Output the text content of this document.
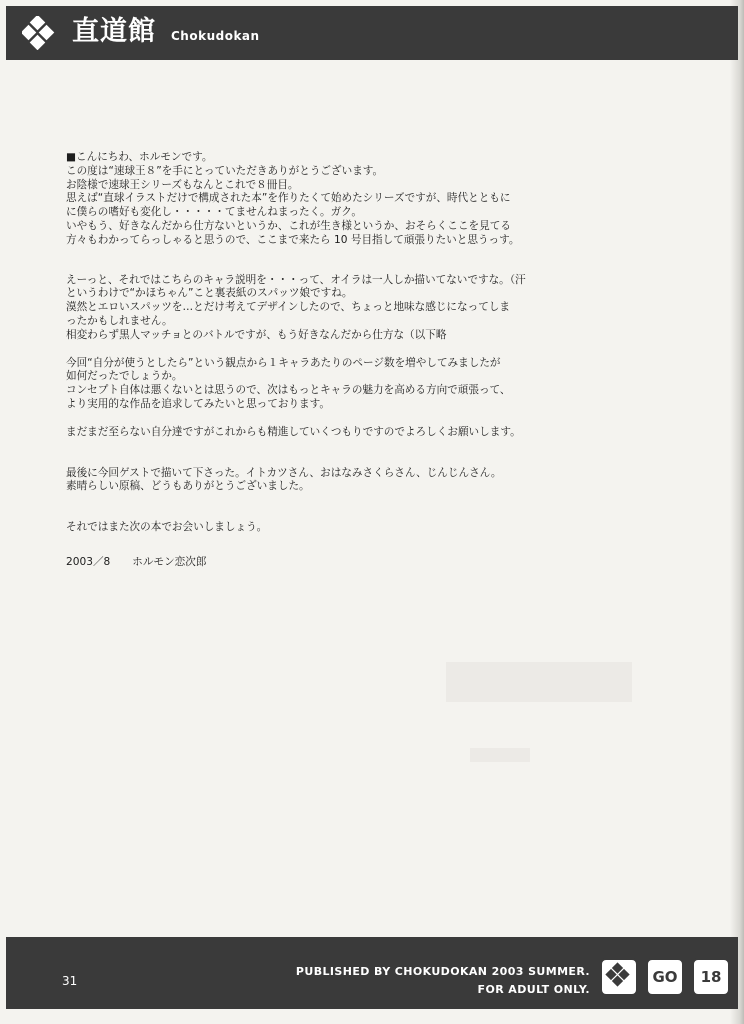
直道館 Chokudokan
■こんにちわ、ホルモンです。
この度は“速球王８”を手にとっていただきありがとうございます。
お陰様で速球王シリーズもなんとこれで８冊目。
思えば“直球イラストだけで構成された本”を作りたくて始めたシリーズですが、時代とともに
に僕らの嗜好も変化し・・・・・てませんねまったく。ガク。
いやもう、好きなんだから仕方ないというか、これが生き様というか、おそらくここを見てる
方々もわかってらっしゃると思うので、ここまで来たら 10 号目指して頑張りたいと思うっす。
えーっと、それではこちらのキャラ説明を・・・って、オイラは一人しか描いてないですな。（汗
というわけで“かほちゃん”こと裏表紙のスパッツ娘ですね。
漠然とエロいスパッツを…とだけ考えてデザインしたので、ちょっと地味な感じになってしま
ったかもしれません。
相変わらず黒人マッチョとのバトルですが、もう好きなんだから仕方な（以下略
今回“自分が使うとしたら”という観点から１キャラあたりのページ数を増やしてみましたが
如何だったでしょうか。
コンセプト自体は悪くないとは思うので、次はもっとキャラの魅力を高める方向で頑張って、
より実用的な作品を追求してみたいと思っております。
まだまだ至らない自分達ですがこれからも精進していくつもりですのでよろしくお願いします。
最後に今回ゲストで描いて下さった。イトカツさん、おはなみさくらさん、じんじんさん。
素晴らしい原稿、どうもありがとうございました。
それではまた次の本でお会いしましょう。
2003／8 ホルモン恋次郎
31
PUBLISHED BY CHOKUDOKAN 2003 SUMMER.
FOR ADULT ONLY.
GO	18
